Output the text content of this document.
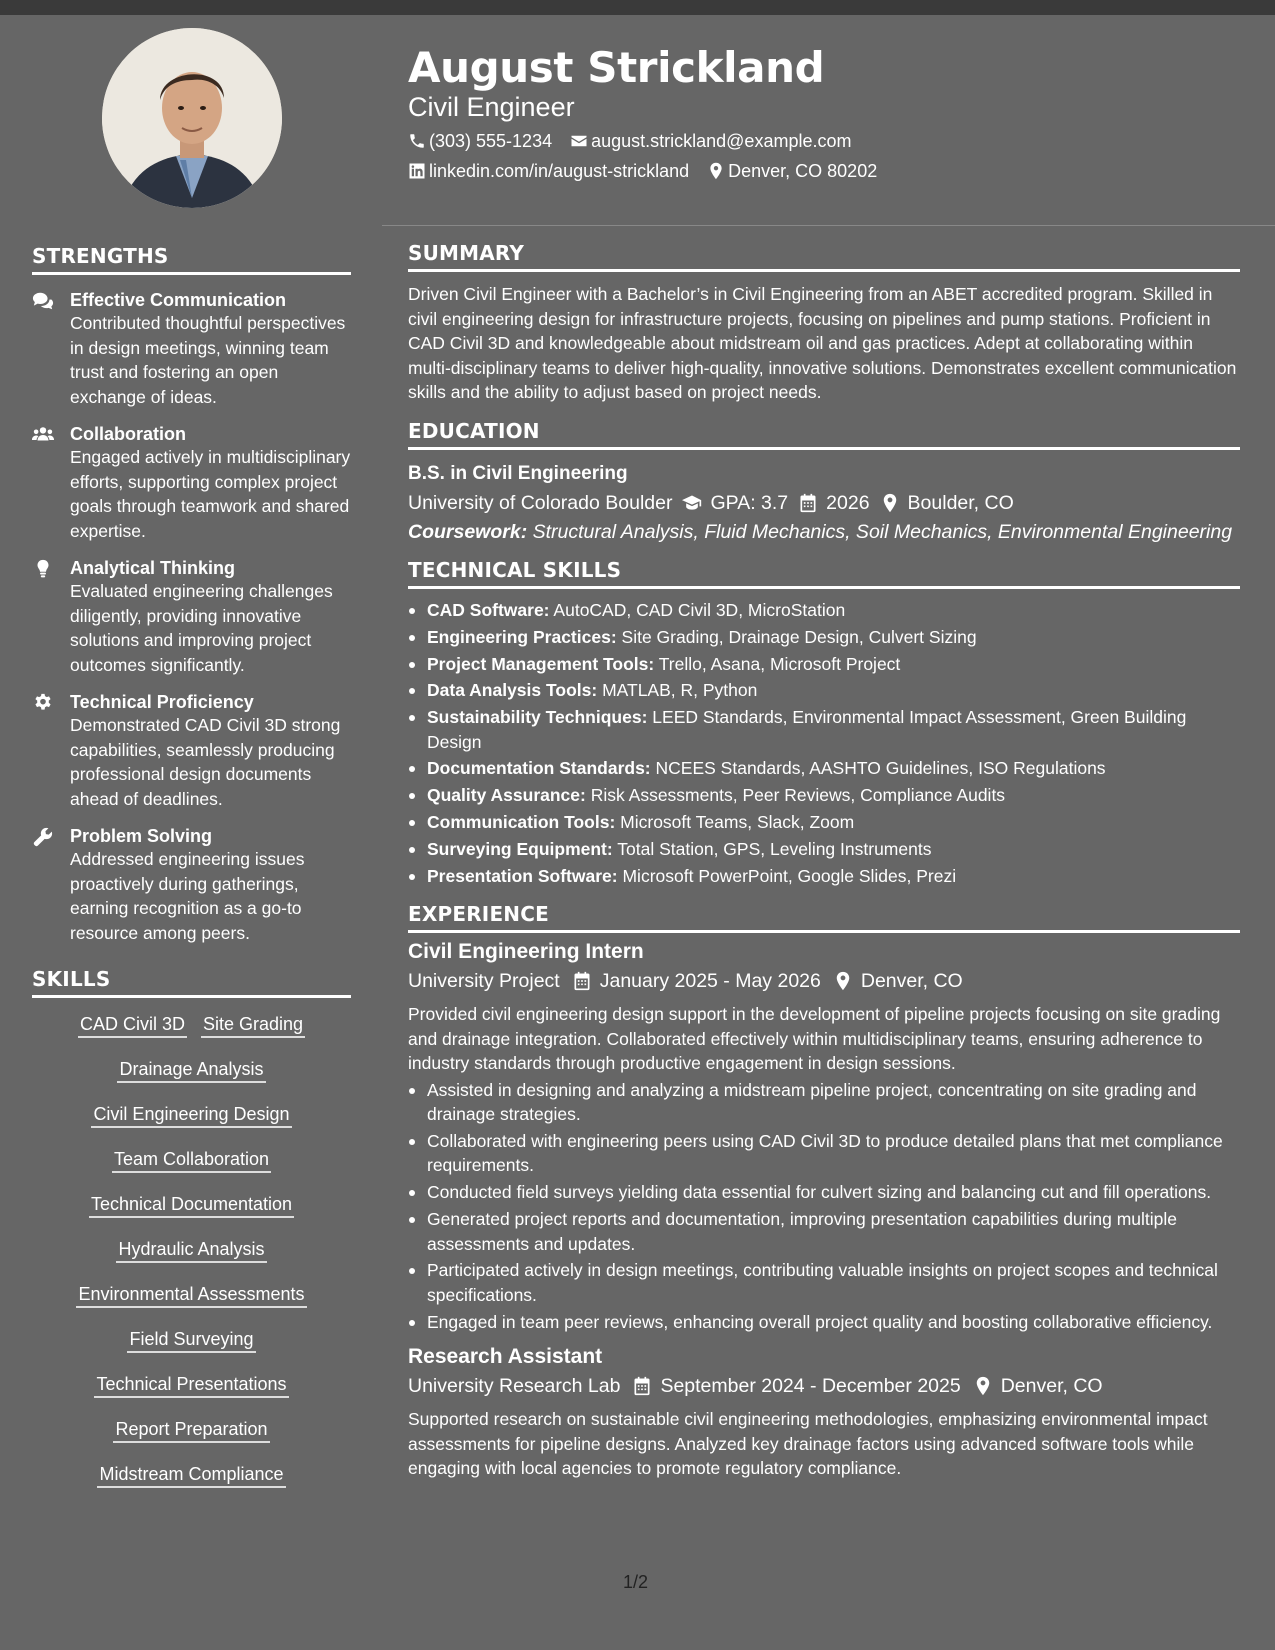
STRENGTHS
Effective Communication
Contributed thoughtful perspectives in design meetings, winning team trust and fostering an open exchange of ideas.
Collaboration
Engaged actively in multidisciplinary efforts, supporting complex project goals through teamwork and shared expertise.
Analytical Thinking
Evaluated engineering challenges diligently, providing innovative solutions and improving project outcomes significantly.
Technical Proficiency
Demonstrated CAD Civil 3D strong capabilities, seamlessly producing professional design documents ahead of deadlines.
Problem Solving
Addressed engineering issues proactively during gatherings, earning recognition as a go-to resource among peers.
SKILLS
CAD Civil 3D Site Grading
Drainage Analysis
Civil Engineering Design
Team Collaboration
Technical Documentation
Hydraulic Analysis
Environmental Assessments
Field Surveying
Technical Presentations
Report Preparation
Midstream Compliance
August Strickland
Civil Engineer
(303) 555-1234 august.strickland@example.com
linkedin.com/in/august-strickland Denver, CO 80202
SUMMARY
Driven Civil Engineer with a Bachelor’s in Civil Engineering from an ABET accredited program. Skilled in civil engineering design for infrastructure projects, focusing on pipelines and pump stations. Proficient in CAD Civil 3D and knowledgeable about midstream oil and gas practices. Adept at collaborating within multi-disciplinary teams to deliver high-quality, innovative solutions. Demonstrates excellent communication skills and the ability to adjust based on project needs.
EDUCATION
B.S. in Civil Engineering
University of Colorado Boulder GPA: 3.7 2026 Boulder, CO
Coursework: Structural Analysis, Fluid Mechanics, Soil Mechanics, Environmental Engineering
TECHNICAL SKILLS
CAD Software: AutoCAD, CAD Civil 3D, MicroStation
Engineering Practices: Site Grading, Drainage Design, Culvert Sizing
Project Management Tools: Trello, Asana, Microsoft Project
Data Analysis Tools: MATLAB, R, Python
Sustainability Techniques: LEED Standards, Environmental Impact Assessment, Green Building Design
Documentation Standards: NCEES Standards, AASHTO Guidelines, ISO Regulations
Quality Assurance: Risk Assessments, Peer Reviews, Compliance Audits
Communication Tools: Microsoft Teams, Slack, Zoom
Surveying Equipment: Total Station, GPS, Leveling Instruments
Presentation Software: Microsoft PowerPoint, Google Slides, Prezi
EXPERIENCE
Civil Engineering Intern
University Project January 2025 - May 2026 Denver, CO
Provided civil engineering design support in the development of pipeline projects focusing on site grading and drainage integration. Collaborated effectively within multidisciplinary teams, ensuring adherence to industry standards through productive engagement in design sessions.
Assisted in designing and analyzing a midstream pipeline project, concentrating on site grading and drainage strategies.
Collaborated with engineering peers using CAD Civil 3D to produce detailed plans that met compliance requirements.
Conducted field surveys yielding data essential for culvert sizing and balancing cut and fill operations.
Generated project reports and documentation, improving presentation capabilities during multiple assessments and updates.
Participated actively in design meetings, contributing valuable insights on project scopes and technical specifications.
Engaged in team peer reviews, enhancing overall project quality and boosting collaborative efficiency.
Research Assistant
University Research Lab September 2024 - December 2025 Denver, CO
Supported research on sustainable civil engineering methodologies, emphasizing environmental impact assessments for pipeline designs. Analyzed key drainage factors using advanced software tools while engaging with local agencies to promote regulatory compliance.
1/2
